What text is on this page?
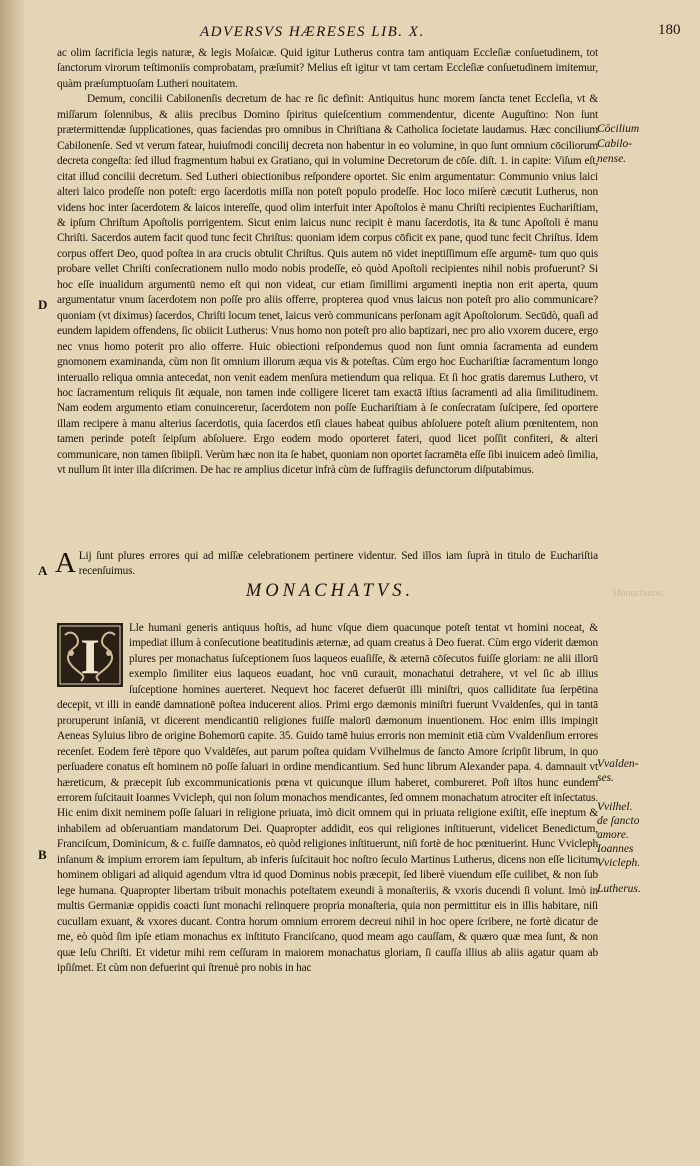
ADVERSVS HÆRESES LIB. X.	180

ac olim ſacrificia legis naturæ, & legis Moſaicæ. Quid igitur Lutherus contra tam antiquam Eccleſiæ conſuetudinem, tot ſanctorum virorum teſtimoniis comprobatam, præſumit? Melius eſt igitur vt tam certam Eccleſiæ conſuetudinem imitemur, quàm præſumptuoſam Lutheri nouitatem.

Demum, concilii Cabilonenſis decretum de hac re ſic definit: Antiquitus hunc morem ſancta tenet Eccleſia, vt & miſſarum ſolennibus, & aliis precibus Domino ſpiritus quieſcentium commendentur, dicente Auguſtino: Non ſunt prætermittendæ ſupplicationes, quas faciendas pro omnibus in Chriſtiana & Catholica ſocietate laudamus. Hæc concilium Cabilonenſe. Sed vt verum fatear, huiuſmodi concilij decreta non habentur in eo volumine, in quo ſunt omnium cōciliorum decreta congeſta: ſed illud fragmentum habui ex Gratiano, qui in volumine Decretorum de cōſe. diſt. 1. in capite: Viſum eſt, citat illud concilii decretum. Sed Lutheri obiectionibus reſpondere oportet. Sic enim argumentatur: Communio vnius laici alteri laico prodeſſe non poteſt: ergo ſacerdotis miſſa non poteſt populo prodeſſe. Hoc loco miſerè cæcutit Lutherus, non videns hoc inter ſacerdotem & laicos intereſſe, quod olim interfuit inter Apoſtolos è manu Chriſti recipientes Euchariſtiam, & ipſum Chriſtum Apoſtolis porrigentem. Sicut enim laicus nunc recipit è manu ſacerdotis, ita & tunc Apoſtoli è manu Chriſti. Sacerdos autem facit quod tunc fecit Chriſtus: quoniam idem corpus cōficit ex pane, quod tunc fecit Chriſtus. Idem corpus offert Deo, quod poſtea in ara crucis obtulit Chriſtus. Quis autem nō videt ineptiſſimum eſſe argumē- tum quo quis probare vellet Chriſti conſecrationem nullo modo nobis prodeſſe, eò quòd Apoſtoli recipientes nihil nobis profuerunt? Si hoc eſſe inualidum argumentū nemo eſt qui non videat, cur etiam ſimillimi argumenti ineptia non erit aperta, quum argumentatur vnum ſacerdotem non poſſe pro aliis offerre, propterea quod vnus laicus non poteſt pro alio communicare? quoniam (vt diximus) ſacerdos, Chriſti locum tenet, laicus verò communicans perſonam agit Apoſtolorum. Secūdò, quaſi ad eundem lapidem offendens, ſic obiicit Lutherus: Vnus homo non poteſt pro alio baptizari, nec pro alio vxorem ducere, ergo nec vnus homo poterit pro alio offerre. Huic obiectioni reſpondemus quod non ſunt omnia ſacramenta ad eundem gnomonem examinanda, cùm non ſit omnium illorum æqua vis & poteſtas. Cùm ergo hoc Euchariſtiæ ſacramentum longo interuallo reliqua omnia antecedat, non venit eadem menſura metiendum qua reliqua. Et ſi hoc gratis daremus Luthero, vt hoc ſacramentum reliquis ſit æquale, non tamen inde colligere liceret tam exactā iſtius ſacramenti ad alia ſimilitudinem. Nam eodem argumento etiam conuinceretur, ſacerdotem non poſſe Euchariſtiam à ſe conſecratam ſuſcipere, ſed oportere illam recipere à manu alterius ſacerdotis, quia ſacerdos etſi claues habeat quibus abſoluere poteſt alium pœnitentem, non tamen perinde poteſt ſeipſum abſoluere. Ergo eodem modo oporteret fateri, quod licet poſſit confiteri, & alteri communicare, non tamen ſibiipſi. Verùm hæc non ita ſe habet, quoniam non oportet ſacramēta eſſe ſibi inuicem adeò ſimilia, vt nullum ſit inter illa diſcrimen. De hac re amplius dicetur infrà cùm de ſuffragiis defunctorum diſputabimus.

A Lij ſunt plures errores qui ad miſſæ celebrationem pertinere videntur. Sed illos iam ſuprà in titulo de Euchariſtia recenſuimus.

MONACHATVS.
I	Lle humani generis antiquus hoſtis, ad hunc vſque diem quacunque poteſt tentat vt homini noceat, & impediat illum à conſecutione beatitudinis æternæ, ad quam creatus à Deo fuerat. Cùm ergo viderit dæmon plures per monachatus ſuſceptionem ſuos laqueos euaſiſſe, & æternā cōſecutos fuiſſe gloriam: ne alii illorū exemplo ſimiliter eius laqueos euadant, hoc vnū curauit, monachatui detrahere, vt vel ſic ab illius ſuſceptione homines auerteret. Nequevt hoc faceret defuerūt illi miniſtri, quos calliditate ſua ſerpētina decepit, vt illi in eandē damnationē poſtea inducerent alios. Primi ergo dæmonis miniſtri fuerunt Vvaldenſes, qui in tantā proruperunt inſaniā, vt dicerent mendicantiū religiones fuiſſe malorū dæmonum inuentionem. Hoc enim illis impingit Aeneas Syluius libro de origine Bohemorū capite. 35. Guido tamē huius erroris non meminit etiā cùm Vvaldenſium errores recenſet. Eodem ferè tēpore quo Vvaldēſes, aut parum poſtea quidam Vvilhelmus de ſancto Amore ſcripſit librum, in quo perſuadere conatus eſt hominem nō poſſe ſaluari in ordine mendicantium. Sed hunc librum Alexander papa. 4. damnauit vt hæreticum, & præcepit ſub excommunicationis pœna vt quicunque illum haberet, combureret. Poſt iſtos hunc eundem errorem ſuſcitauit Ioannes Vvicleph, qui non ſolum monachos mendicantes, ſed omnem monachatum atrociter eſt inſectatus. Hic enim dixit neminem poſſe ſaluari in religione priuata, imò dicit omnem qui in priuata religione exiſtit, eſſe ineptum & inhabilem ad obſeruantiam mandatorum Dei. Quapropter addidit, eos qui religiones inſtituerunt, videlicet Benedictum, Franciſcum, Dominicum, & c. fuiſſe damnatos, eò quòd religiones inſtituerunt, niſi fortè de hoc pœnituerint. Hunc Vvicleph inſanum & impium errorem iam ſepultum, ab inferis ſuſcitauit hoc noſtro ſeculo Martinus Lutherus, dicens non eſſe licitum hominem obligari ad aliquid agendum vltra id quod Dominus nobis præcepit, ſed liberè viuendum eſſe cuilibet, & non ſub lege humana. Quapropter libertam tribuit monachis poteſtatem exeundi à monaſteriis, & vxoris ducendi ſi volunt. Imò in multis Germaniæ oppidis coacti ſunt monachi relinquere propria monaſteria, quia non permittitur eis in illis habitare, niſi cucullam exuant, & vxores ducant. Contra horum omnium errorem decreui nihil in hoc opere ſcribere, ne fortè dicatur de me, eò quòd ſim ipſe etiam monachus ex inſtituto Franciſcano, quod meam ago cauſſam, & quæro quæ mea ſunt, & non quæ Ieſu Chriſti. Et videtur mihi rem ceſſuram in maiorem monachatus gloriam, ſi cauſſa illius ab aliis agatur quam ab ipſiſmet. Et cùm non defuerint qui ſtrenuè pro nobis in hac

D
A
B
Cōcilium
Cabilo-
nense.
Vvalden-
ses.
Vvilhel.
de ſancto
amore.
Ioannes
Vvicleph.
Lutherus.
Monachatus.
